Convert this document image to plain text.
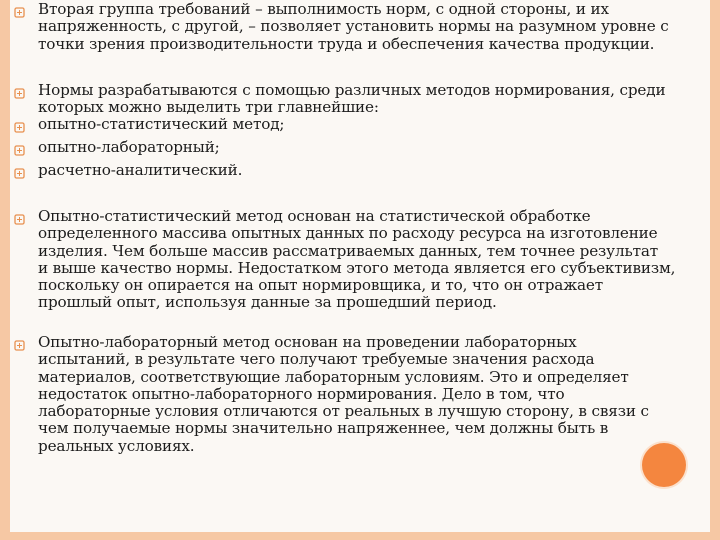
Вторая группа требований – выполнимость норм, с одной стороны, и их
напряженность, с другой, – позволяет установить нормы на разумном уровне с
точки зрения производительности труда и обеспечения качества продукции.

Нормы разрабатываются с помощью различных методов нормирования, среди
которых можно выделить три главнейшие:

опытно-статистический метод;

опытно-лабораторный;

расчетно-аналитический.

Опытно-статистический метод основан на статистической обработке
определенного массива опытных данных по расходу ресурса на изготовление
изделия. Чем больше массив рассматриваемых данных, тем точнее результат
и выше качество нормы. Недостатком этого метода является его субъективизм,
поскольку он опирается на опыт нормировщика, и то, что он отражает
прошлый опыт, используя данные за прошедший период.

Опытно-лабораторный метод основан на проведении лабораторных
испытаний, в результате чего получают требуемые значения расхода
материалов, соответствующие лабораторным условиям. Это и определяет
недостаток опытно-лабораторного нормирования. Дело в том, что
лабораторные условия отличаются от реальных в лучшую сторону, в связи с
чем получаемые нормы значительно напряженнее, чем должны быть в
реальных условиях.
